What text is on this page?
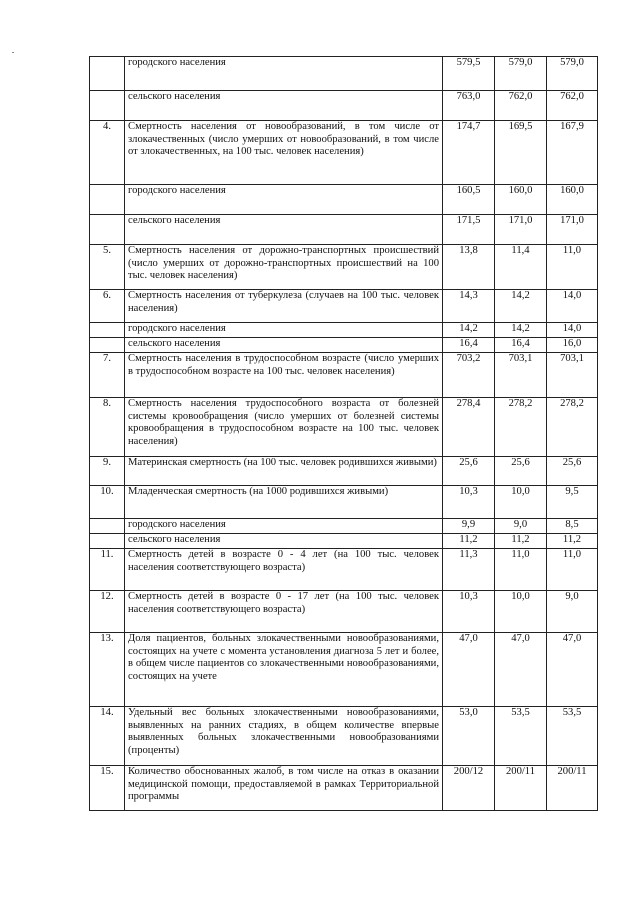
	городского населения	579,5	579,0	579,0
	сельского населения	763,0	762,0	762,0
4.	Смертность населения от новообразований, в том числе от злокачественных (число умерших от новообразований, в том числе от злокачественных, на 100 тыс. человек населения)	174,7	169,5	167,9
	городского населения	160,5	160,0	160,0
	сельского населения	171,5	171,0	171,0
5.	Смертность населения от дорожно-транспортных происшествий (число умерших от дорожно-транспортных происшествий на 100 тыс. человек населения)	13,8	11,4	11,0
6.	Смертность населения от туберкулеза (случаев на 100 тыс. человек населения)	14,3	14,2	14,0
	городского населения	14,2	14,2	14,0
	сельского населения	16,4	16,4	16,0
7.	Смертность населения в трудоспособном возрасте (число умерших в трудоспособном возрасте на 100 тыс. человек населения)	703,2	703,1	703,1
8.	Смертность населения трудоспособного возраста от болезней системы кровообращения (число умерших от болезней системы кровообращения в трудоспособном возрасте на 100 тыс. человек населения)	278,4	278,2	278,2
9.	Материнская смертность (на 100 тыс. человек родившихся живыми)	25,6	25,6	25,6
10.	Младенческая смертность (на 1000 родившихся живыми)	10,3	10,0	9,5
	городского населения	9,9	9,0	8,5
	сельского населения	11,2	11,2	11,2
11.	Смертность детей в возрасте 0 - 4 лет (на 100 тыс. человек населения соответствующего возраста)	11,3	11,0	11,0
12.	Смертность детей в возрасте 0 - 17 лет (на 100 тыс. человек населения соответствующего возраста)	10,3	10,0	9,0
13.	Доля пациентов, больных злокачественными новообразованиями, состоящих на учете с момента установления диагноза 5 лет и более, в общем числе пациентов со злокачественными новообразованиями, состоящих на учете	47,0	47,0	47,0
14.	Удельный вес больных злокачественными новообразованиями, выявленных на ранних стадиях, в общем количестве впервые выявленных больных злокачественными новообразованиями (проценты)	53,0	53,5	53,5
15.	Количество обоснованных жалоб, в том числе на отказ в оказании медицинской помощи, предоставляемой в рамках Территориальной программы	200/12	200/11	200/11
